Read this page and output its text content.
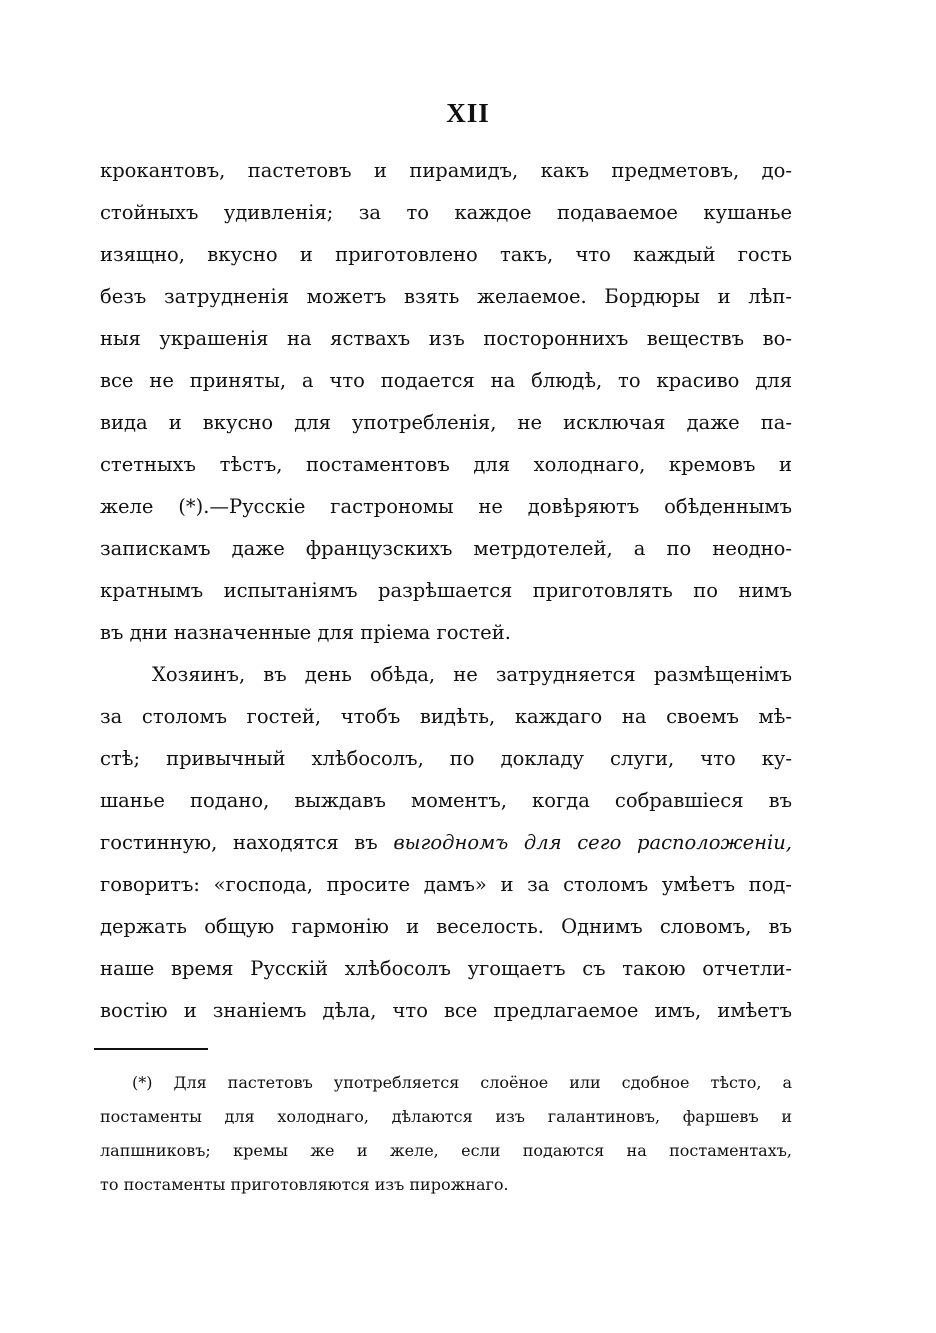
XII
крокантовъ, пастетовъ и пирамидъ, какъ предметовъ, до-
стойныхъ удивленія; за то каждое подаваемое кушанье
изящно, вкусно и приготовлено такъ, что каждый гость
безъ затрудненія можетъ взять желаемое. Бордюры и лѣп-
ныя украшенія на яствахъ изъ постороннихъ веществъ во-
все не приняты, а что подается на блюдѣ, то красиво для
вида и вкусно для употребленія, не исключая даже па-
стетныхъ тѣстъ, постаментовъ для холоднаго, кремовъ и
желе (*).—Русскіе гастрономы не довѣряютъ обѣденнымъ
запискамъ даже французскихъ метрдотелей, а по неодно-
кратнымъ испытаніямъ разрѣшается приготовлять по нимъ
въ дни назначенные для пріема гостей.
Хозяинъ, въ день обѣда, не затрудняется размѣщенімъ
за столомъ гостей, чтобъ видѣть, каждаго на своемъ мѣ-
стѣ; привычный хлѣбосолъ, по докладу слуги, что ку-
шанье подано, выждавъ моментъ, когда собравшіеся въ
гостинную, находятся въ выгодномъ для сего расположеніи,
говоритъ: «господа, просите дамъ» и за столомъ умѣетъ под-
держать общую гармонію и веселость. Однимъ словомъ, въ
наше время Русскій хлѣбосолъ угощаетъ съ такою отчетли-
востію и знаніемъ дѣла, что все предлагаемое имъ, имѣетъ
(*) Для пастетовъ употребляется слоёное или сдобное тѣсто, а
постаменты для холоднаго, дѣлаются изъ галантиновъ, фаршевъ и
лапшниковъ; кремы же и желе, если подаются на постаментахъ,
то постаменты приготовляются изъ пирожнаго.
